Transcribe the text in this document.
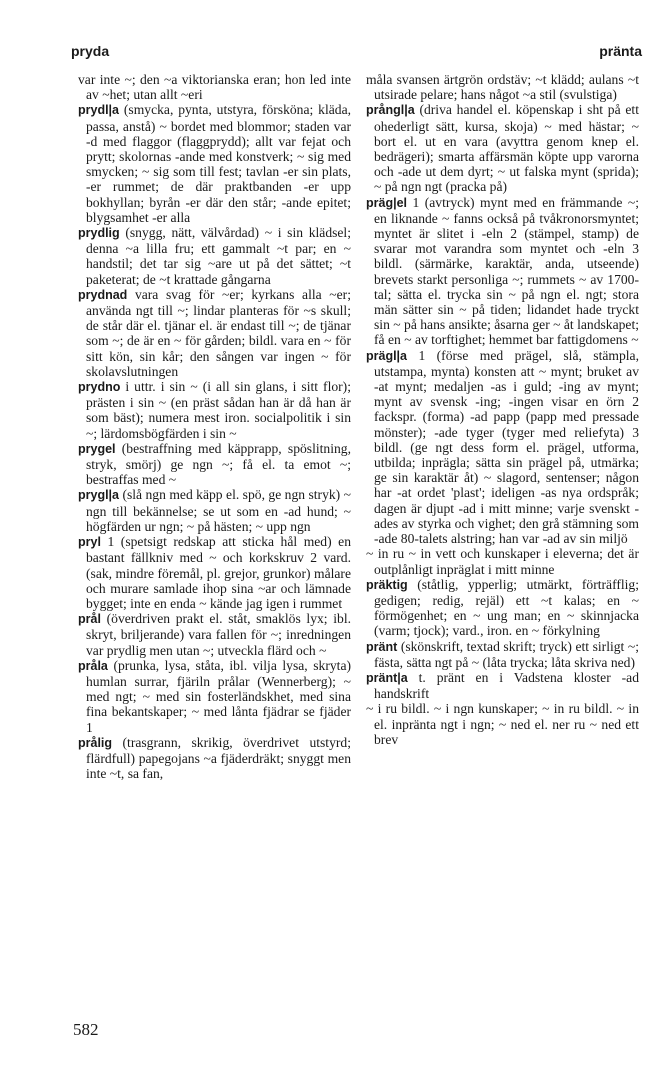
pryda	pränta

var inte ~; den ~a viktorianska eran; hon led inte av ~het; utan allt ~eri

prydl|a (smycka, pynta, utstyra, försköna; kläda, passa, anstå) ~ bordet med blommor; staden var -d med flaggor (flaggprydd); allt var fejat och prytt; skolornas -ande med konstverk; ~ sig med smycken; ~ sig som till fest; tavlan -er sin plats, -er rummet; de där praktbanden -er upp bokhyllan; byrån -er där den står; -ande epitet; blygsamhet -er alla

prydlig (snygg, nätt, välvårdad) ~ i sin klädsel; denna ~a lilla fru; ett gammalt ~t par; en ~ handstil; det tar sig ~are ut på det sättet; ~t paketerat; de ~t krattade gångarna

prydnad vara svag för ~er; kyrkans alla ~er; använda ngt till ~; lindar planteras för ~s skull; de står där el. tjänar el. är endast till ~; de tjänar som ~; de är en ~ för gården; bildl. vara en ~ för sitt kön, sin kår; den sången var ingen ~ för skolavslutningen

prydno i uttr. i sin ~ (i all sin glans, i sitt flor); prästen i sin ~ (en präst sådan han är då han är som bäst); numera mest iron. socialpolitik i sin ~; lärdomsbögfärden i sin ~

prygel (bestraffning med käpprapp, spöslitning, stryk, smörj) ge ngn ~; få el. ta emot ~; bestraffas med ~

prygl|a (slå ngn med käpp el. spö, ge ngn stryk) ~ ngn till bekännelse; se ut som en -ad hund; ~ högfärden ur ngn; ~ på hästen; ~ upp ngn

pryl 1 (spetsigt redskap att sticka hål med) en bastant fällkniv med ~ och korkskruv 2 vard. (sak, mindre föremål, pl. grejor, grunkor) målare och murare samlade ihop sina ~ar och lämnade bygget; inte en enda ~ kände jag igen i rummet

prål (överdriven prakt el. ståt, smaklös lyx; ibl. skryt, briljerande) vara fallen för ~; inredningen var prydlig men utan ~; utveckla flärd och ~

pråla (prunka, lysa, ståta, ibl. vilja lysa, skryta) humlan surrar, fjäriln prålar (Wennerberg); ~ med ngt; ~ med sin fosterländskhet, med sina fina bekantskaper; ~ med lånta fjädrar se fjäder 1

prålig (trasgrann, skrikig, överdrivet utstyrd; flärdfull) papegojans ~a fjäderdräkt; snyggt men inte ~t, sa fan,

måla svansen ärtgrön ordstäv; ~t klädd; aulans ~t utsirade pelare; hans något ~a stil (svulstiga)

prångl|a (driva handel el. köpenskap i sht på ett ohederligt sätt, kursa, skoja) ~ med hästar; ~ bort el. ut en vara (avyttra genom knep el. bedrägeri); smarta affärsmän köpte upp varorna och -ade ut dem dyrt; ~ ut falska mynt (sprida); ~ på ngn ngt (pracka på)

präg|el 1 (avtryck) mynt med en främmande ~; en liknande ~ fanns också på tvåkronorsmyntet; myntet är slitet i -eln 2 (stämpel, stamp) de svarar mot varandra som myntet och -eln 3 bildl. (särmärke, karaktär, anda, utseende) brevets starkt personliga ~; rummets ~ av 1700-tal; sätta el. trycka sin ~ på ngn el. ngt; stora män sätter sin ~ på tiden; lidandet hade tryckt sin ~ på hans ansikte; åsarna ger ~ åt landskapet; få en ~ av torftighet; hemmet bar fattigdomens ~

prägl|a 1 (förse med prägel, slå, stämpla, utstampa, mynta) konsten att ~ mynt; bruket av -at mynt; medaljen -as i guld; -ing av mynt; mynt av svensk -ing; -ingen visar en örn 2 fackspr. (forma) -ad papp (papp med pressade mönster); -ade tyger (tyger med reliefyta) 3 bildl. (ge ngt dess form el. prägel, utforma, utbilda; inpräglа; sätta sin prägel på, utmärka; ge sin karaktär åt) ~ slagord, sentenser; någon har -at ordet 'plast'; ideligen -as nya ordspråk; dagen är djupt -ad i mitt minne; varje svenskt -ades av styrka och vighet; den grå stämning som -ade 80-talets alstring; han var -ad av sin miljö

~ in ru ~ in vett och kunskaper i eleverna; det är outplånligt inpräglat i mitt minne

präktig (ståtlig, ypperlig; utmärkt, förträfflig; gedigen; redig, rejäl) ett ~t kalas; en ~ förmögenhet; en ~ ung man; en ~ skinnjacka (varm; tjock); vard., iron. en ~ förkylning

pränt (skönskrift, textad skrift; tryck) ett sirligt ~; fästa, sätta ngt på ~ (låta trycka; låta skriva ned)

pränt|a t. pränt en i Vadstena kloster -ad handskrift

~ i ru bildl. ~ i ngn kunskaper; ~ in ru bildl. ~ in el. inpränta ngt i ngn; ~ ned el. ner ru ~ ned ett brev

582
